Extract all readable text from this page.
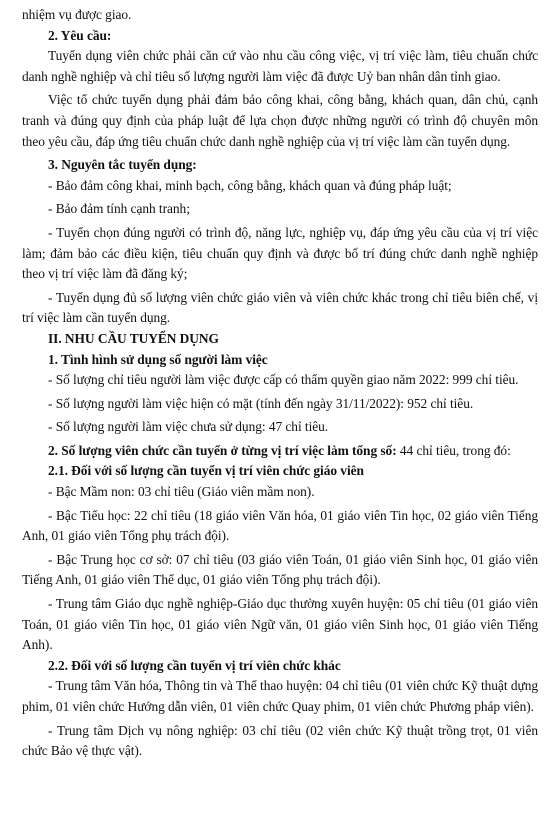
nhiệm vụ được giao.

2. Yêu cầu:

Tuyển dụng viên chức phải căn cứ vào nhu cầu công việc, vị trí việc làm, tiêu chuẩn chức danh nghề nghiệp và chỉ tiêu số lượng người làm việc đã được Uỷ ban nhân dân tỉnh giao.

Việc tổ chức tuyển dụng phải đảm bảo công khai, công bằng, khách quan, dân chủ, cạnh tranh và đúng quy định của pháp luật để lựa chọn được những người có trình độ chuyên môn theo yêu cầu, đáp ứng tiêu chuẩn chức danh nghề nghiệp của vị trí việc làm cần tuyển dụng.

3. Nguyên tắc tuyển dụng:

- Bảo đảm công khai, minh bạch, công bằng, khách quan và đúng pháp luật;

- Bảo đảm tính cạnh tranh;

- Tuyển chọn đúng người có trình độ, năng lực, nghiệp vụ, đáp ứng yêu cầu của vị trí việc làm; đảm bảo các điều kiện, tiêu chuẩn quy định và được bố trí đúng chức danh nghề nghiệp theo vị trí việc làm đã đăng ký;

- Tuyển dụng đủ số lượng viên chức giáo viên và viên chức khác trong chỉ tiêu biên chế, vị trí việc làm cần tuyển dụng.

II. NHU CẦU TUYỂN DỤNG

1. Tình hình sử dụng số người làm việc

- Số lượng chỉ tiêu người làm việc được cấp có thẩm quyền giao năm 2022: 999 chỉ tiêu.

- Số lượng người làm việc hiện có mặt (tính đến ngày 31/11/2022): 952 chỉ tiêu.

- Số lượng người làm việc chưa sử dụng: 47 chỉ tiêu.

2. Số lượng viên chức cần tuyển ở từng vị trí việc làm tổng số: 44 chỉ tiêu, trong đó:

2.1. Đối với số lượng cần tuyển vị trí viên chức giáo viên

- Bậc Mầm non: 03 chỉ tiêu (Giáo viên mầm non).

- Bậc Tiểu học: 22 chỉ tiêu (18 giáo viên Văn hóa, 01 giáo viên Tin học, 02 giáo viên Tiếng Anh, 01 giáo viên Tổng phụ trách đội).

- Bậc Trung học cơ sở: 07 chỉ tiêu (03 giáo viên Toán, 01 giáo viên Sinh học, 01 giáo viên Tiếng Anh, 01 giáo viên Thể dục, 01 giáo viên Tổng phụ trách đội).

- Trung tâm Giáo dục nghề nghiệp-Giáo dục thường xuyên huyện: 05 chỉ tiêu (01 giáo viên Toán, 01 giáo viên Tin học, 01 giáo viên Ngữ văn, 01 giáo viên Sinh học, 01 giáo viên Tiếng Anh).

2.2. Đối với số lượng cần tuyển vị trí viên chức khác

- Trung tâm Văn hóa, Thông tin và Thể thao huyện: 04 chỉ tiêu (01 viên chức Kỹ thuật dựng phim, 01 viên chức Hướng dẫn viên, 01 viên chức Quay phim, 01 viên chức Phương pháp viên).

- Trung tâm Dịch vụ nông nghiệp: 03 chỉ tiêu (02 viên chức Kỹ thuật trồng trọt, 01 viên chức Bảo vệ thực vật).
